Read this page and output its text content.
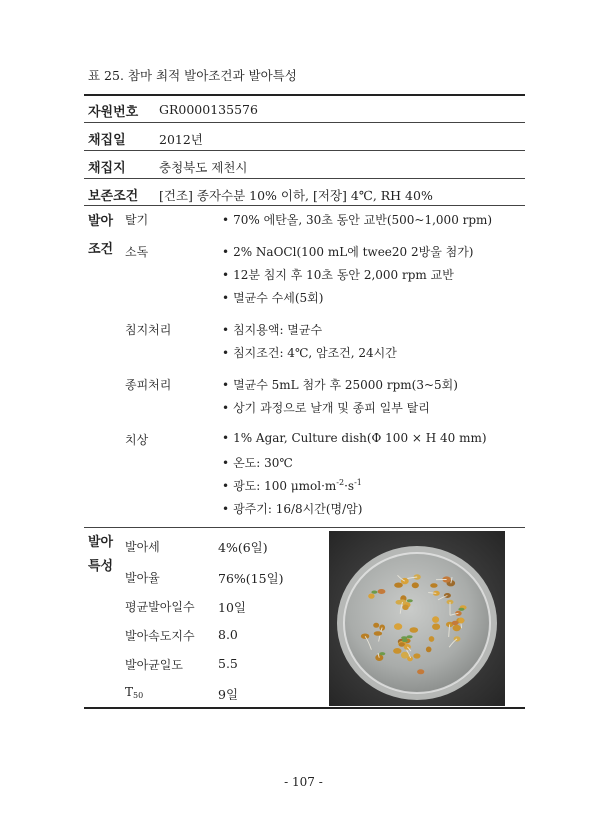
표 25. 참마 최적 발아조건과 발아특성
자원번호 GR0000135576
채집일	2012년
채집지	충청북도 제천시
보존조건 [건조] 종자수분 10% 이하, [저장] 4℃, RH 40%
발아
조건
탈기	• 70% 에탄올, 30초 동안 교반(500~1,000 rpm)
소독	• 2% NaOCl(100 mL에 twee20 2방울 첨가)
• 12분 침지 후 10초 동안 2,000 rpm 교반
• 멸균수 수세(5회)
침지처리	• 침지용액: 멸균수
• 침지조건: 4℃, 암조건, 24시간
종피처리	• 멸균수 5mL 첨가 후 25000 rpm(3~5회)
• 상기 과정으로 날개 및 종피 일부 탈리
치상	• 1% Agar, Culture dish(Φ 100 × H 40 mm)
• 온도: 30℃
• 광도: 100 $\mu mol\cdot m^{-2}\cdot s^{-1}$
• 광주기: 16/8시간(명/암)
발아
특성
발아세	4%(6일)
발아율	76%(15일)
평균발아일수 10일
발아속도지수 8.0
발아균일도	5.5
$T_{50}$	9일
- 107 -
